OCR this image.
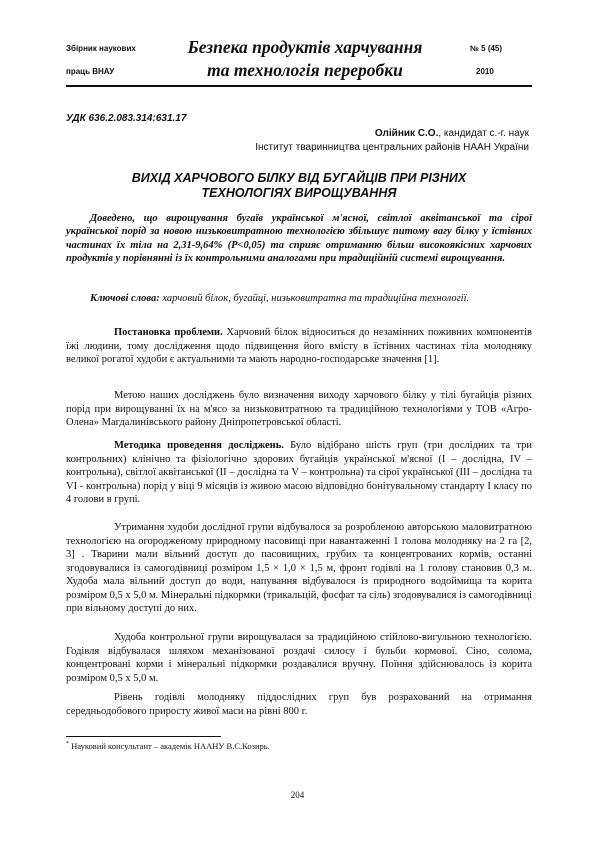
Збірник наукових
праць ВНАУ
Безпека продуктів харчування
та технологія переробки
№ 5 (45)
2010
УДК 636.2.083.314:631.17
Олійник С.О., кандидат с.-г. наук
Інститут тваринництва центральних районів НААН України
ВИХІД ХАРЧОВОГО БІЛКУ ВІД БУГАЙЦІВ ПРИ РІЗНИХ
ТЕХНОЛОГІЯХ ВИРОЩУВАННЯ

Доведено, що вирощування бугаїв української м'ясної, світлої аквітанської та сірої української порід за новою низьковитратною технологією збільшує питому вагу білку у їстівних частинах їх тіла на 2,31-9,64% (P<0,05) та сприяє отриманню більш високоякісних харчових продуктів у порівнянні із їх контрольними аналогами при традиційній системі вирощування.

Ключові слова: харчовий білок, бугайці, низьковитратна та традиційна технології.

Постановка проблеми. Харчовий білок відноситься до незамінних поживних компонентів їжі людини, тому дослідження щодо підвищення його вмісту в їстівних частинах тіла молодняку великої рогатої худоби є актуальними та мають народно-господарське значення [1].

Метою наших досліджень було визначення виходу харчового білку у тілі бугайців різних порід при вирощуванні їх на м'ясо за низьковитратною та традиційною технологіями у ТОВ «Агро-Олена» Магдалинівського району Дніпропетровської області.

Методика проведення досліджень. Було відібрано шість груп (три дослідних та три контрольних) клінічно та фізіологічно здорових бугайців української м'ясної (I – дослідна, IV – контрольна), світлої аквітанської (II – дослідна та V – контрольна) та сірої української (III – дослідна та VI - контрольна) порід у віці 9 місяців із живою масою відповідно бонітувальному стандарту I класу по 4 голови в групі.

Утримання худоби дослідної групи відбувалося за розробленою авторською маловитратною технологією на огородженому природному пасовищі при навантаженні 1 голова молодняку на 2 га [2, 3] . Тварини мали вільний доступ до пасовищних, грубих та концентрованих кормів, останні згодовувалися із самогодівниці розміром 1,5 × 1,0 × 1,5 м, фронт годівлі на 1 голову становив 0,3 м. Худоба мала вільний доступ до води, напування відбувалося із природного водоймища та корита розміром 0,5 х 5,0 м. Мінеральні підкормки (трикальцій, фосфат та сіль) згодовувалися із самогодівниці при вільному доступі до них.

Худоба контрольної групи вирощувалася за традиційною стійлово-вигульною технологією. Годівля відбувалася шляхом механізованої роздачі силосу і бульби кормової. Сіно, солома, концентровані корми і мінеральні підкормки роздавалися вручну. Поїння здійснювалось із корита розміром 0,5 х 5,0 м.

Рівень годівлі молодняку піддослідних груп був розрахований на отримання середньодобового приросту живої маси на рівні 800 г.

* Науковий консультант – академік НААНУ В.С.Козирь.
204
